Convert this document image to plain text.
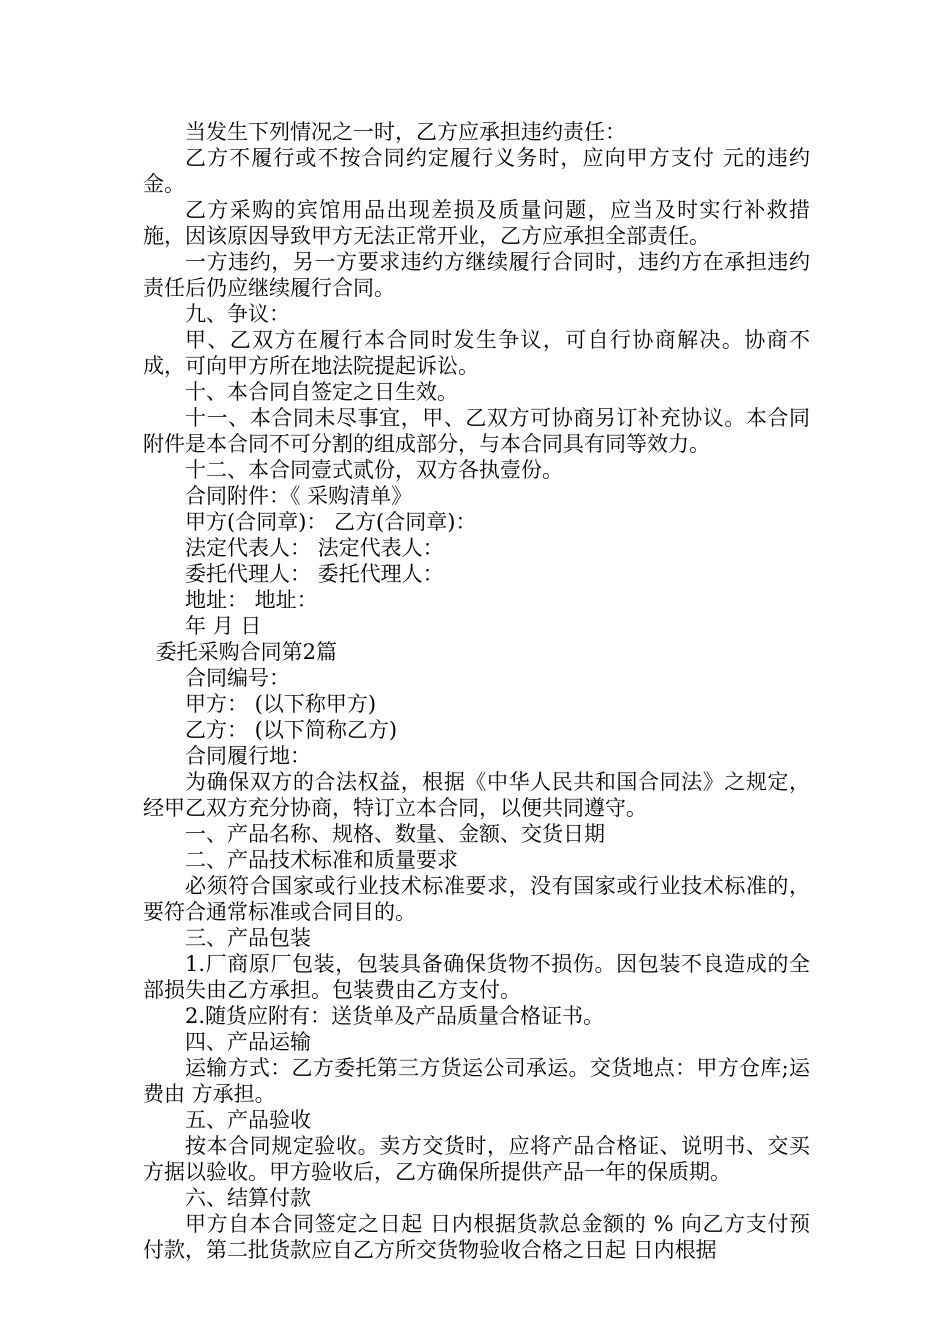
当发生下列情况之一时，乙方应承担违约责任：

乙方不履行或不按合同约定履行义务时，应向甲方支付 元的违约金。

乙方采购的宾馆用品出现差损及质量问题，应当及时实行补救措施，因该原因导致甲方无法正常开业，乙方应承担全部责任。

一方违约，另一方要求违约方继续履行合同时，违约方在承担违约责任后仍应继续履行合同。

九、争议：

甲、乙双方在履行本合同时发生争议，可自行协商解决。协商不成，可向甲方所在地法院提起诉讼。

十、本合同自签定之日生效。

十一、本合同未尽事宜，甲、乙双方可协商另订补充协议。本合同附件是本合同不可分割的组成部分，与本合同具有同等效力。

十二、本合同壹式贰份，双方各执壹份。

合同附件：《 采购清单》

甲方(合同章)： 乙方(合同章)：

法定代表人： 法定代表人：

委托代理人： 委托代理人：

地址： 地址：

年 月 日

委托采购合同第2篇

合同编号：

甲方： (以下称甲方)

乙方： (以下简称乙方)

合同履行地：

为确保双方的合法权益，根据《中华人民共和国合同法》之规定，经甲乙双方充分协商，特订立本合同，以便共同遵守。

一、产品名称、规格、数量、金额、交货日期

二、产品技术标准和质量要求

必须符合国家或行业技术标准要求，没有国家或行业技术标准的，要符合通常标准或合同目的。

三、产品包装

1.厂商原厂包装，包装具备确保货物不损伤。因包装不良造成的全部损失由乙方承担。包装费由乙方支付。

2.随货应附有：送货单及产品质量合格证书。

四、产品运输

运输方式：乙方委托第三方货运公司承运。交货地点：甲方仓库;运费由 方承担。

五、产品验收

按本合同规定验收。卖方交货时，应将产品合格证、说明书、交买方据以验收。甲方验收后，乙方确保所提供产品一年的保质期。

六、结算付款

甲方自本合同签定之日起 日内根据货款总金额的 % 向乙方支付预付款，第二批货款应自乙方所交货物验收合格之日起 日内根据
